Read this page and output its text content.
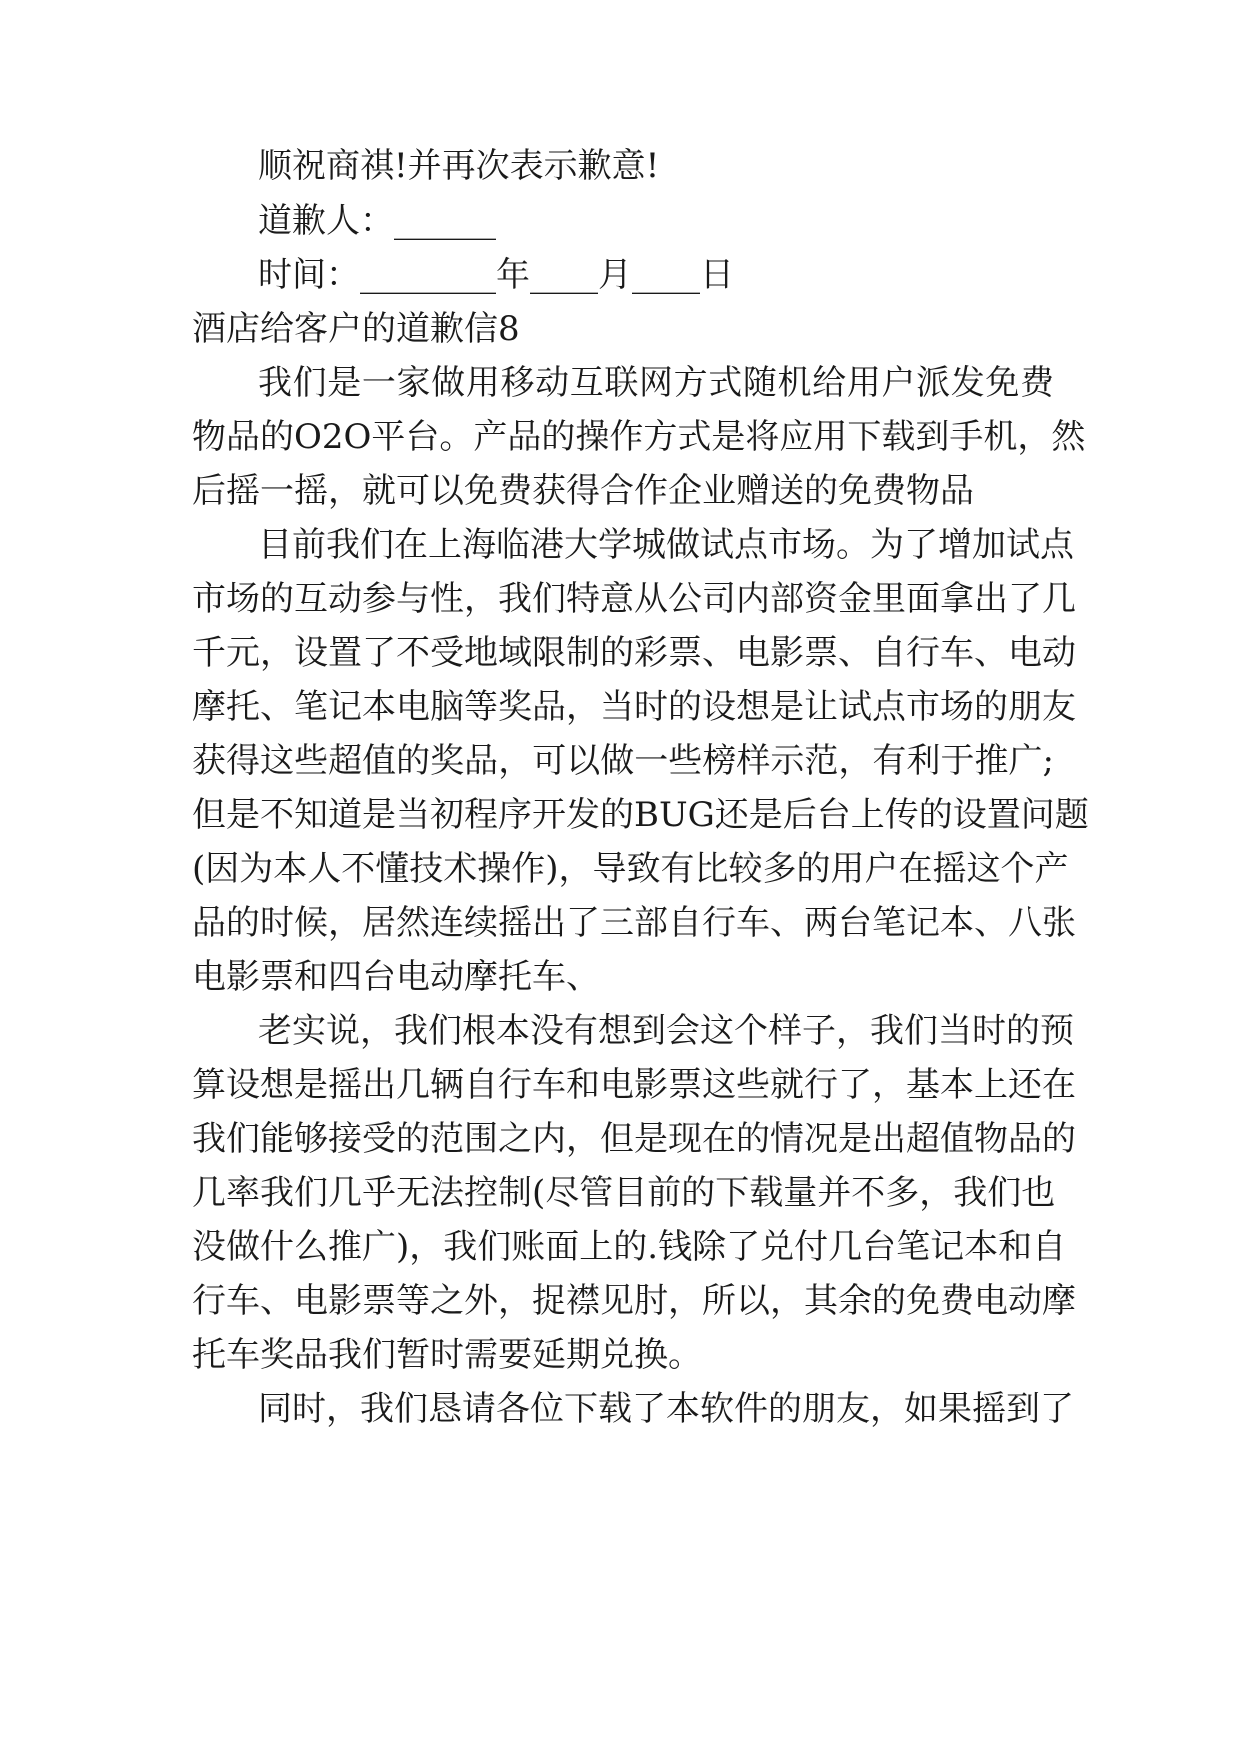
顺祝商祺!并再次表示歉意!
道歉人：______
时间：________年____月____日
酒店给客户的道歉信8
我们是一家做用移动互联网方式随机给用户派发免费
物品的O2O平台。产品的操作方式是将应用下载到手机，然
后摇一摇，就可以免费获得合作企业赠送的免费物品
目前我们在上海临港大学城做试点市场。为了增加试点
市场的互动参与性，我们特意从公司内部资金里面拿出了几
千元，设置了不受地域限制的彩票、电影票、自行车、电动
摩托、笔记本电脑等奖品，当时的设想是让试点市场的朋友
获得这些超值的奖品，可以做一些榜样示范，有利于推广;
但是不知道是当初程序开发的BUG还是后台上传的设置问题
(因为本人不懂技术操作)，导致有比较多的用户在摇这个产
品的时候，居然连续摇出了三部自行车、两台笔记本、八张
电影票和四台电动摩托车、
老实说，我们根本没有想到会这个样子，我们当时的预
算设想是摇出几辆自行车和电影票这些就行了，基本上还在
我们能够接受的范围之内，但是现在的情况是出超值物品的
几率我们几乎无法控制(尽管目前的下载量并不多，我们也
没做什么推广)，我们账面上的.钱除了兑付几台笔记本和自
行车、电影票等之外，捉襟见肘，所以，其余的免费电动摩
托车奖品我们暂时需要延期兑换。
同时，我们恳请各位下载了本软件的朋友，如果摇到了
